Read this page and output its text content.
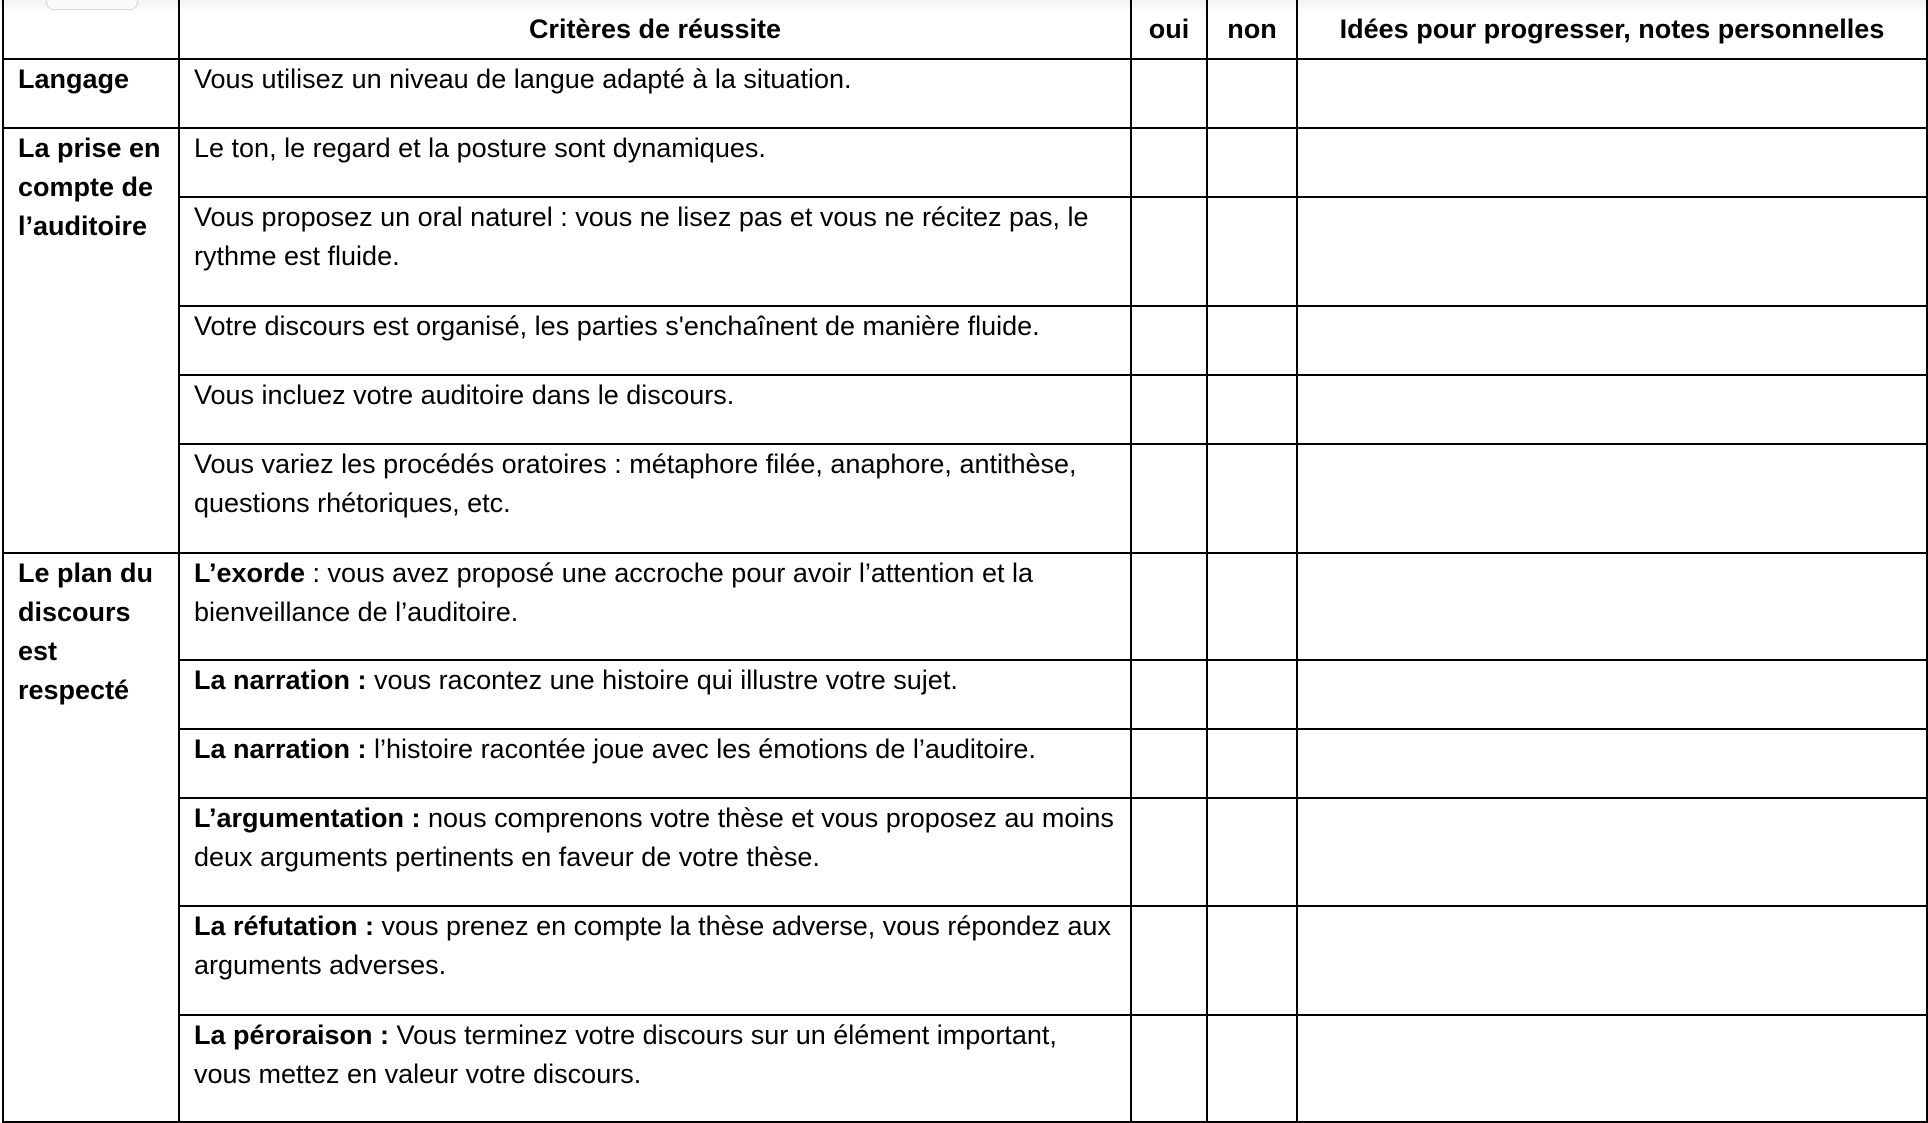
	Critères de réussite	oui	non	Idées pour progresser, notes personnelles
Langage	Vous utilisez un niveau de langue adapté à la situation.			
La prise en compte de l’auditoire	Le ton, le regard et la posture sont dynamiques.			
	Vous proposez un oral naturel : vous ne lisez pas et vous ne récitez pas, le rythme est fluide.			
	Votre discours est organisé, les parties s'enchaînent de manière fluide.			
	Vous incluez votre auditoire dans le discours.			
	Vous variez les procédés oratoires : métaphore filée, anaphore, antithèse, questions rhétoriques, etc.			
Le plan du discours est respecté	L’exorde : vous avez proposé une accroche pour avoir l’attention et la bienveillance de l’auditoire.			
	La narration : vous racontez une histoire qui illustre votre sujet.			
	La narration : l’histoire racontée joue avec les émotions de l’auditoire.			
	L’argumentation : nous comprenons votre thèse et vous proposez au moins deux arguments pertinents en faveur de votre thèse.			
	La réfutation : vous prenez en compte la thèse adverse, vous répondez aux arguments adverses.			
	La péroraison : Vous terminez votre discours sur un élément important, vous mettez en valeur votre discours.			
